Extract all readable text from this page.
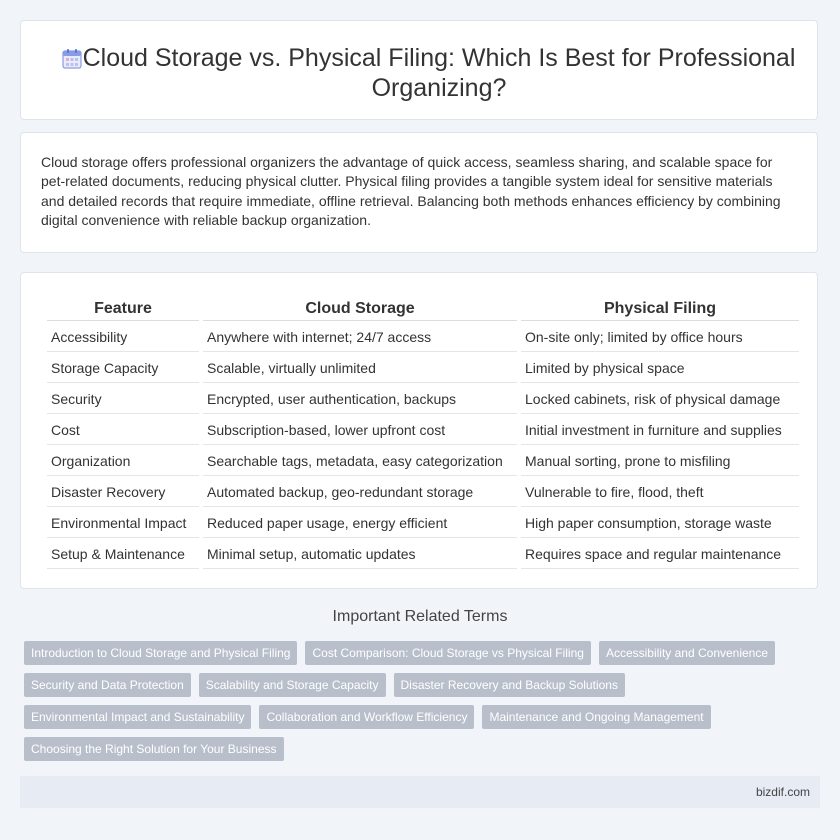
Cloud Storage vs. Physical Filing: Which Is Best for Professional Organizing?
Cloud storage offers professional organizers the advantage of quick access, seamless sharing, and scalable space for pet-related documents, reducing physical clutter. Physical filing provides a tangible system ideal for sensitive materials and detailed records that require immediate, offline retrieval. Balancing both methods enhances efficiency by combining digital convenience with reliable backup organization.
Feature	Cloud Storage	Physical Filing
Accessibility	Anywhere with internet; 24/7 access	On-site only; limited by office hours
Storage Capacity	Scalable, virtually unlimited	Limited by physical space
Security	Encrypted, user authentication, backups	Locked cabinets, risk of physical damage
Cost	Subscription-based, lower upfront cost	Initial investment in furniture and supplies
Organization	Searchable tags, metadata, easy categorization	Manual sorting, prone to misfiling
Disaster Recovery	Automated backup, geo-redundant storage	Vulnerable to fire, flood, theft
Environmental Impact	Reduced paper usage, energy efficient	High paper consumption, storage waste
Setup & Maintenance	Minimal setup, automatic updates	Requires space and regular maintenance
Important Related Terms
Introduction to Cloud Storage and Physical Filing	Cost Comparison: Cloud Storage vs Physical Filing	Accessibility and Convenience
Security and Data Protection	Scalability and Storage Capacity	Disaster Recovery and Backup Solutions
Environmental Impact and Sustainability	Collaboration and Workflow Efficiency	Maintenance and Ongoing Management
Choosing the Right Solution for Your Business
bizdif.com
